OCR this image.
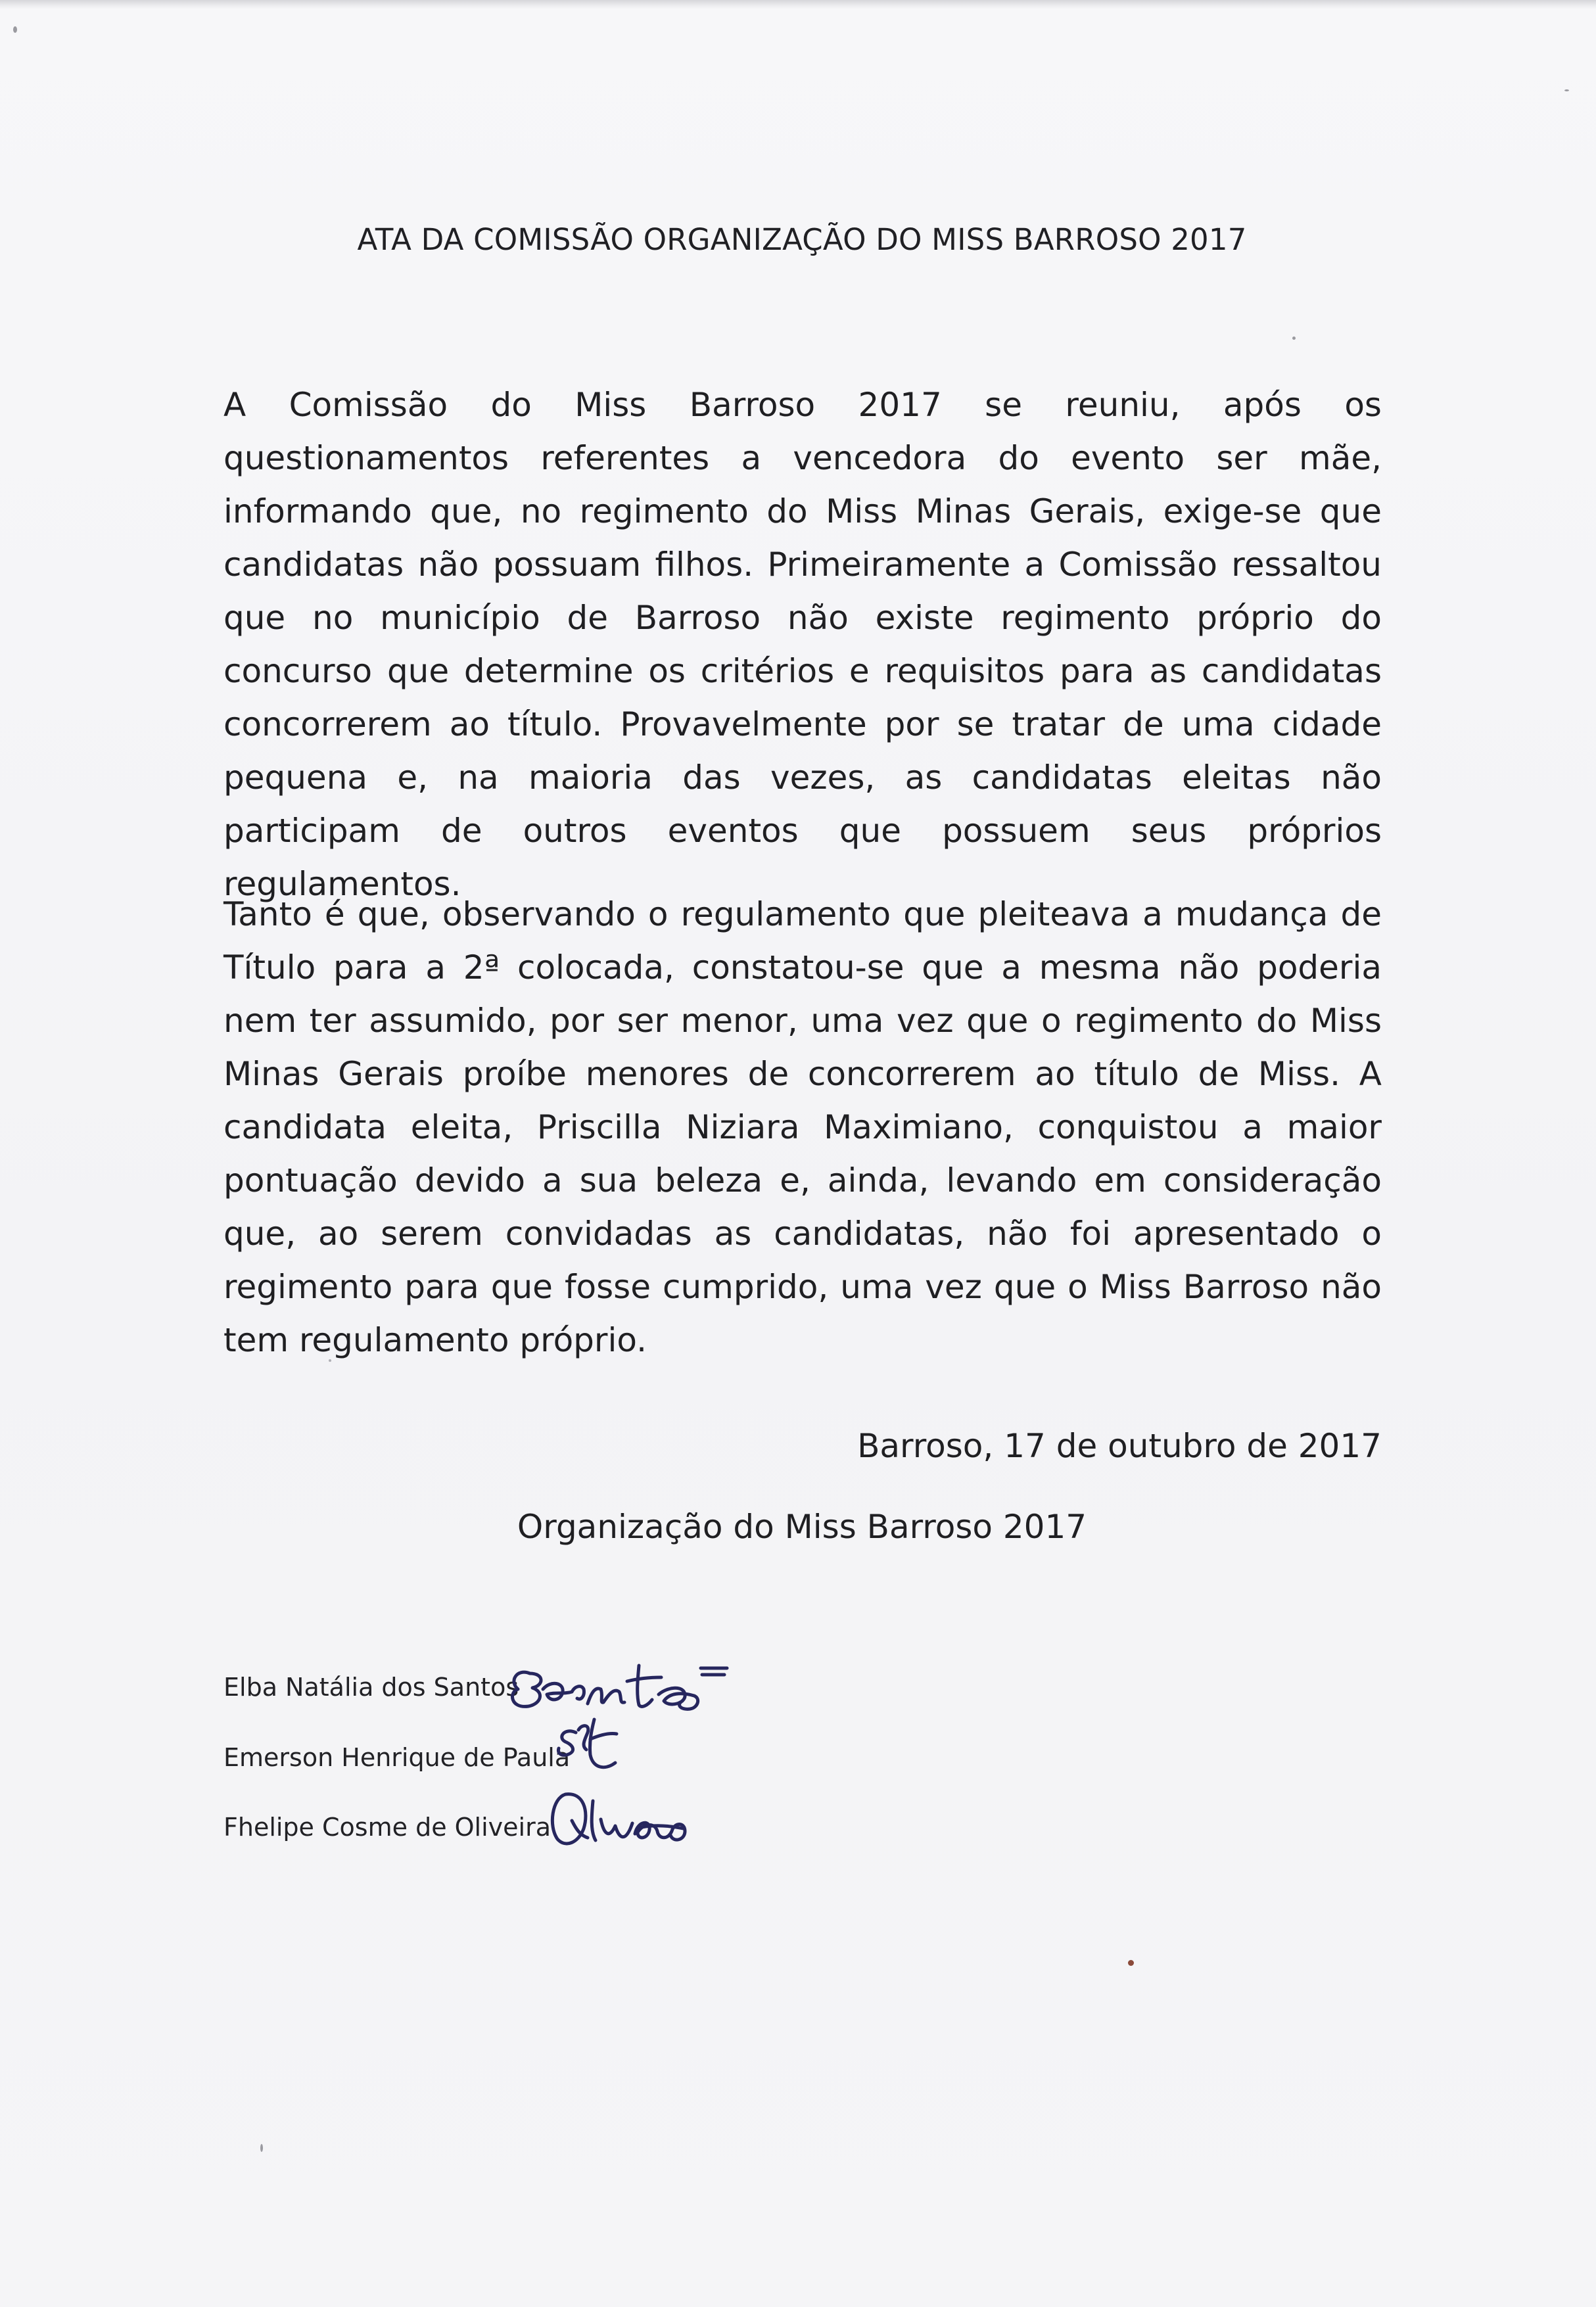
ATA DA COMISSÃO ORGANIZAÇÃO DO MISS BARROSO 2017
A Comissão do Miss Barroso 2017 se reuniu, após os questionamentos referentes a vencedora do evento ser mãe, informando que, no regimento do Miss Minas Gerais, exige-se que candidatas não possuam filhos. Primeiramente a Comissão ressaltou que no município de Barroso não existe regimento próprio do concurso que determine os critérios e requisitos para as candidatas concorrerem ao título. Provavelmente por se tratar de uma cidade pequena e, na maioria das vezes, as candidatas eleitas não participam de outros eventos que possuem seus próprios regulamentos.
Tanto é que, observando o regulamento que pleiteava a mudança de Título para a 2ª colocada, constatou-se que a mesma não poderia nem ter assumido, por ser menor, uma vez que o regimento do Miss Minas Gerais proíbe menores de concorrerem ao título de Miss. A candidata eleita, Priscilla Niziara Maximiano, conquistou a maior pontuação devido a sua beleza e, ainda, levando em consideração que, ao serem convidadas as candidatas, não foi apresentado o regimento para que fosse cumprido, uma vez que o Miss Barroso não tem regulamento próprio.
Barroso, 17 de outubro de 2017
Organização do Miss Barroso 2017
Elba Natália dos Santos
Emerson Henrique de Paula
Fhelipe Cosme de Oliveira
